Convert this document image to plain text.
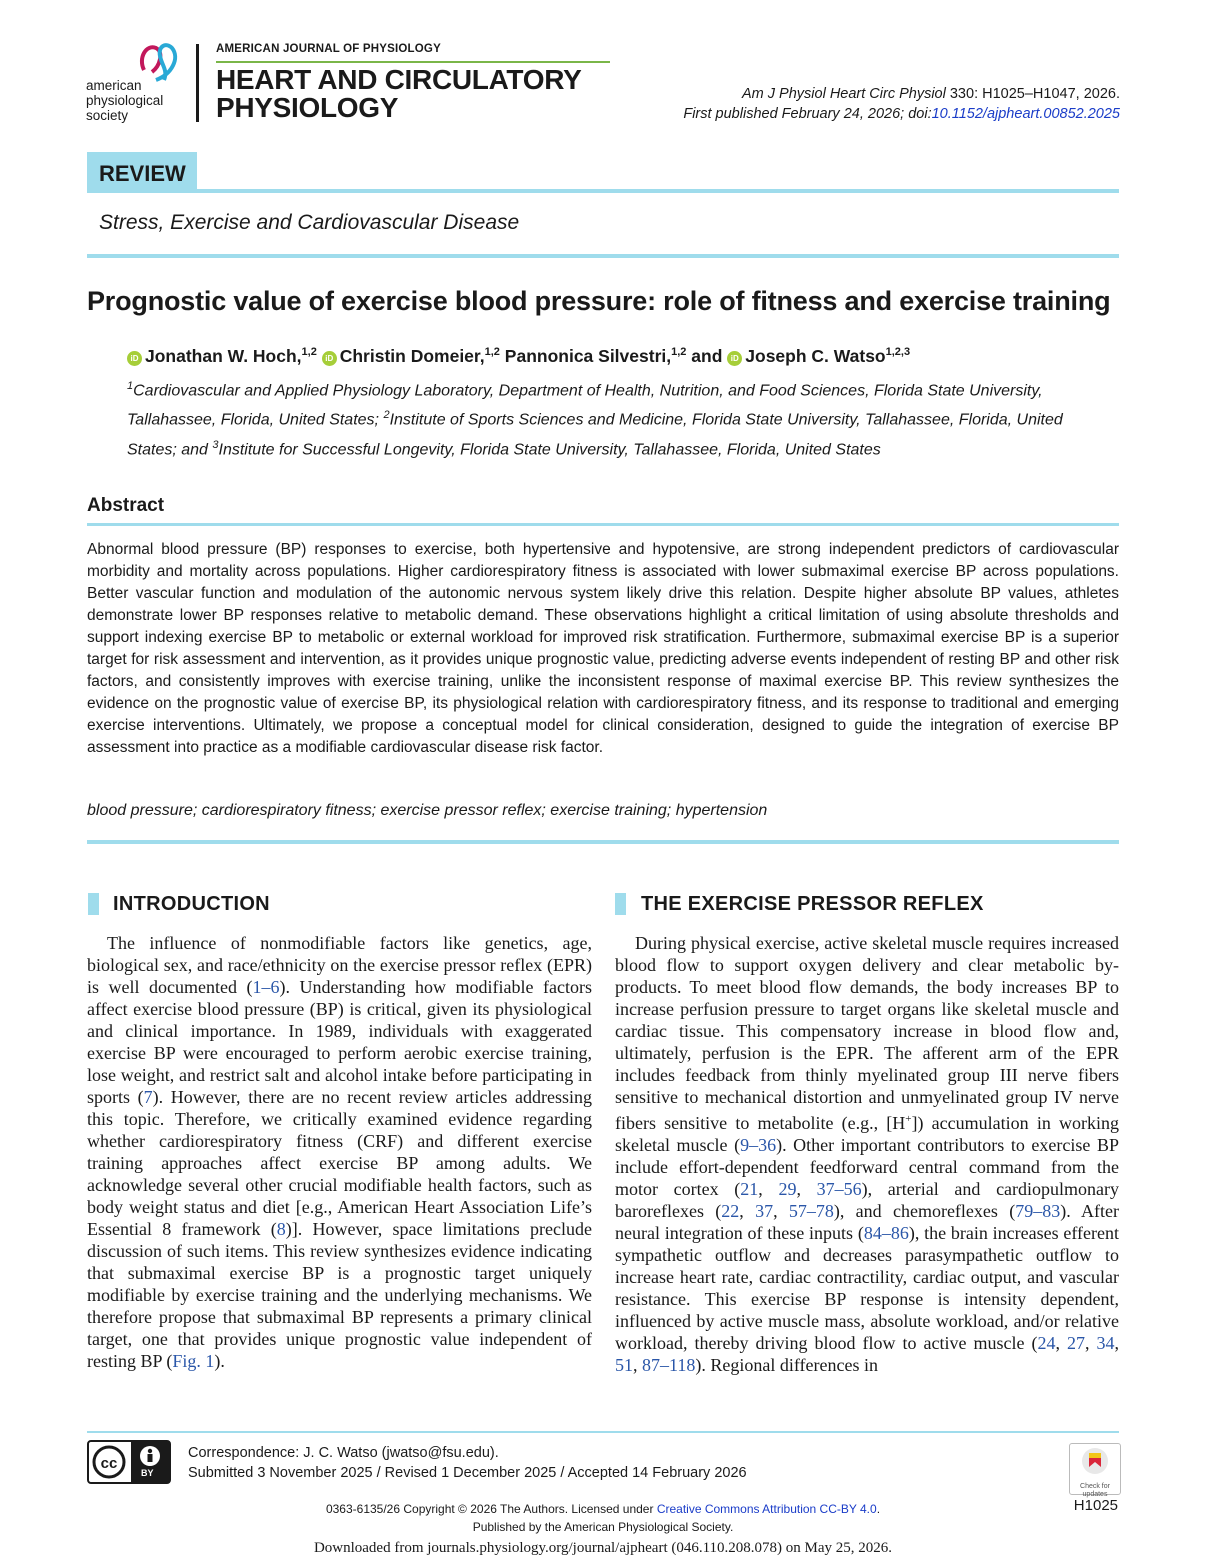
american
physiological
society
AMERICAN JOURNAL OF PHYSIOLOGY
HEART AND CIRCULATORY
PHYSIOLOGY	Am J Physiol Heart Circ Physiol 330: H1025–H1047, 2026.
First published February 24, 2026; doi:10.1152/ajpheart.00852.2025
REVIEW
Stress, Exercise and Cardiovascular Disease
Prognostic value of exercise blood pressure: role of fitness and exercise training
iD Jonathan W. Hoch,$^{1,2}$ iD Christin Domeier,$^{1,2}$ Pannonica Silvestri,$^{1,2}$ and iD Joseph C. Watso$^{1,2,3}$
$^1$Cardiovascular and Applied Physiology Laboratory, Department of Health, Nutrition, and Food Sciences, Florida State University, Tallahassee, Florida, United States; $^2$Institute of Sports Sciences and Medicine, Florida State University, Tallahassee, Florida, United States; and $^3$Institute for Successful Longevity, Florida State University, Tallahassee, Florida, United States
Abstract
Abnormal blood pressure (BP) responses to exercise, both hypertensive and hypotensive, are strong independent predictors of cardiovascular morbidity and mortality across populations. Higher cardiorespiratory fitness is associated with lower submaximal exercise BP across populations. Better vascular function and modulation of the autonomic nervous system likely drive this relation. Despite higher absolute BP values, athletes demonstrate lower BP responses relative to metabolic demand. These observations highlight a critical limitation of using absolute thresholds and support indexing exercise BP to metabolic or external workload for improved risk stratification. Furthermore, submaximal exercise BP is a superior target for risk assessment and intervention, as it provides unique prognostic value, predicting adverse events independent of resting BP and other risk factors, and consistently improves with exercise training, unlike the inconsistent response of maximal exercise BP. This review synthesizes the evidence on the prognostic value of exercise BP, its physiological relation with cardiorespiratory fitness, and its response to traditional and emerging exercise interventions. Ultimately, we propose a conceptual model for clinical consideration, designed to guide the integration of exercise BP assessment into practice as a modifiable cardiovascular disease risk factor.
blood pressure; cardiorespiratory fitness; exercise pressor reflex; exercise training; hypertension
INTRODUCTION
The influence of nonmodifiable factors like genetics, age, biological sex, and race/ethnicity on the exercise pressor reflex (EPR) is well documented (1–6). Understanding how modifiable factors affect exercise blood pressure (BP) is critical, given its physiological and clinical importance. In 1989, individuals with exaggerated exercise BP were encouraged to perform aerobic exercise training, lose weight, and restrict salt and alcohol intake before participating in sports (7). However, there are no recent review articles addressing this topic. Therefore, we critically examined evidence regarding whether cardiorespiratory fitness (CRF) and different exercise training approaches affect exercise BP among adults. We acknowledge several other crucial modifiable health factors, such as body weight status and diet [e.g., American Heart Association Life’s Essential 8 framework (8)]. However, space limitations preclude discussion of such items. This review synthesizes evidence indicating that submaximal exercise BP is a prognostic target uniquely modifiable by exercise training and the underlying mechanisms. We therefore propose that submaximal BP represents a primary clinical target, one that provides unique prognostic value independent of resting BP (Fig. 1).
THE EXERCISE PRESSOR REFLEX
During physical exercise, active skeletal muscle requires increased blood flow to support oxygen delivery and clear metabolic by-products. To meet blood flow demands, the body increases BP to increase perfusion pressure to target organs like skeletal muscle and cardiac tissue. This compensatory increase in blood flow and, ultimately, perfusion is the EPR. The afferent arm of the EPR includes feedback from thinly myelinated group III nerve fibers sensitive to mechanical distortion and unmyelinated group IV nerve fibers sensitive to metabolite (e.g., [H+]) accumulation in working skeletal muscle (9–36). Other important contributors to exercise BP include effort-dependent feedforward central command from the motor cortex (21, 29, 37–56), arterial and cardiopulmonary baroreflexes (22, 37, 57–78), and chemoreflexes (79–83). After neural integration of these inputs (84–86), the brain increases efferent sympathetic outflow and decreases parasympathetic outflow to increase heart rate, cardiac contractility, cardiac output, and vascular resistance. This exercise BP response is intensity dependent, influenced by active muscle mass, absolute workload, and/or relative workload, thereby driving blood flow to active muscle (24, 27, 34, 51, 87–118). Regional differences in
cc
BY
Correspondence: J. C. Watso (jwatso@fsu.edu).
Submitted 3 November 2025 / Revised 1 December 2025 / Accepted 14 February 2026
Check for updates
H1025
0363-6135/26 Copyright © 2026 The Authors. Licensed under Creative Commons Attribution CC-BY 4.0.
Published by the American Physiological Society.
Downloaded from journals.physiology.org/journal/ajpheart (046.110.208.078) on May 25, 2026.
